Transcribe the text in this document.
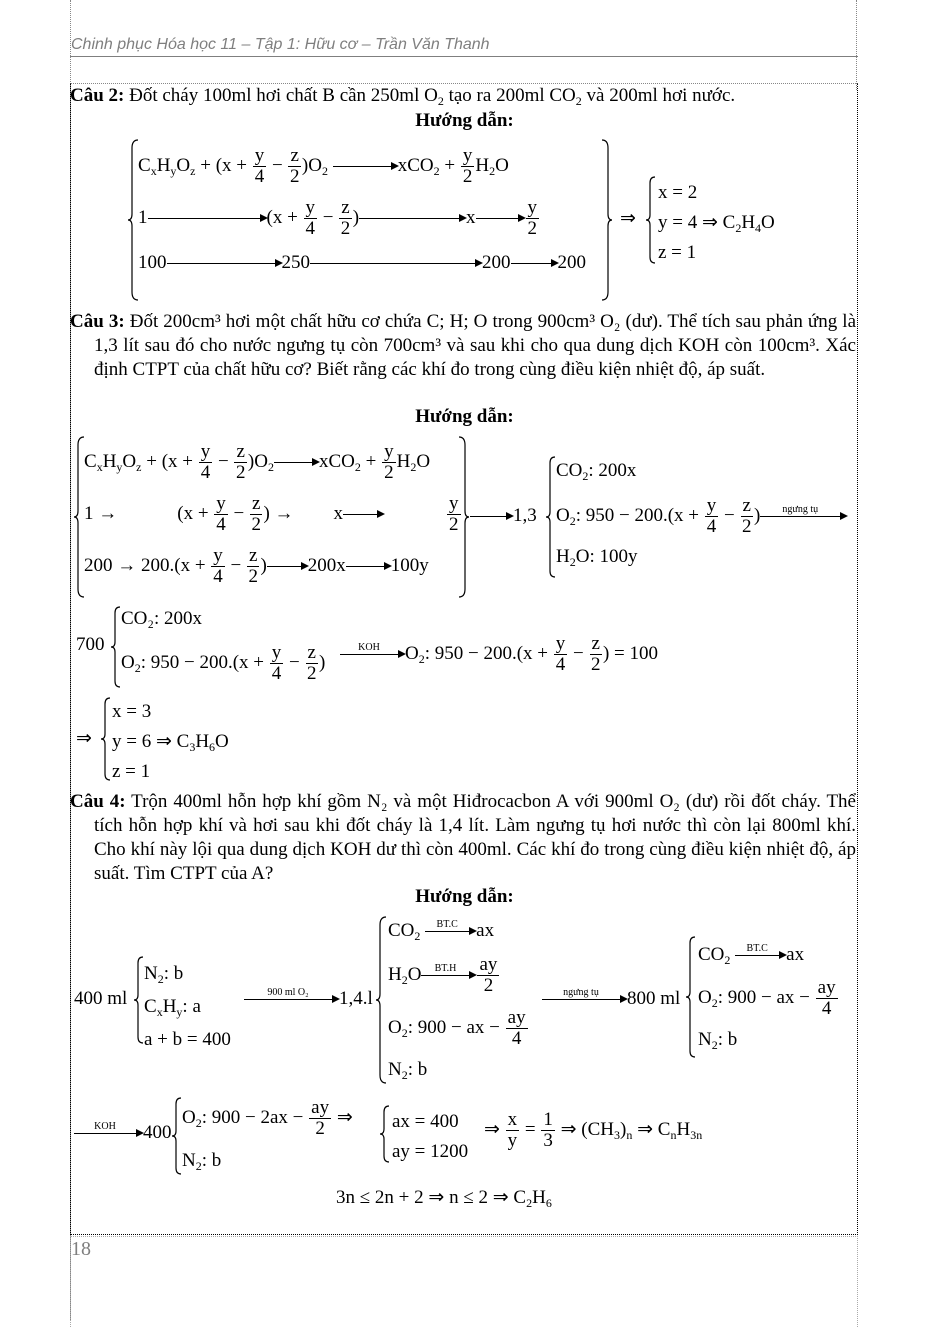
Chinh phục Hóa học 11 – Tập 1: Hữu cơ – Trần Văn Thanh
18

Câu 2: Đốt cháy 100ml hơi chất B cần 250ml $O_2$ tạo ra 200ml $CO_2$ và 200ml hơi nước.

Hướng dẫn:
$C_xH_yO_z + (x + \frac{y}{4} - \frac{z}{2} )O_2$	$xCO_2 + \frac{y}{2} H_2O$
1	($x + \frac{y}{4} - \frac{z}{2}$ )	x	$\frac{y}{2}$
100	250	200 200
⇒
x = 2
y = 4 ⇒ $C_2H_4O$
z = 1

Câu 3: Đốt 200cm³ hơi một chất hữu cơ chứa C; H; O trong 900cm³ O₂ (dư). Thể tích sau phản ứng là 1,3 lít sau đó cho nước ngưng tụ còn 700cm³ và sau khi cho qua dung dịch KOH còn 100cm³. Xác định CTPT của chất hữu cơ? Biết rằng các khí đo trong cùng điều kiện nhiệt độ, áp suất.

Hướng dẫn:
$C_xH_yO_z + (x + \frac{y}{4} - \frac{z}{2} )O_2$ $xCO_2 + \frac{y}{2} H_2O$
1 →	($x + \frac{y}{4} - \frac{z}{2}$ ) → x	$\frac{y}{2}$
$200 \to 200.(x + \frac{y}{4} - \frac{z}{2}$ ) 200x 100y
1,3
$CO_2$: 200x
$O_2$: $950 - 200.(x + \frac{y}{4} - \frac{z}{2}$ )	ngưng tụ
$H_2O$: 100y
700
CO₂: 200x
$O_2$: $950 - 200.(x + \frac{y}{4} - \frac{z}{2}$ )
KOH	$O_2$: $950 - 200.(x + \frac{y}{4} - \frac{z}{2}$ ) = 100
⇒
x = 3
y = 6 ⇒ $C_3H_6O$
z = 1

Câu 4: Trộn 400ml hỗn hợp khí gồm N₂ và một Hiđrocacbon A với 900ml O₂ (dư) rồi đốt cháy. Thể tích hỗn hợp khí và hơi sau khi đốt cháy là 1,4 lít. Làm ngưng tụ hơi nước thì còn lại 800ml khí. Cho khí này lội qua dung dịch KOH dư thì còn 400ml. Các khí đo trong cùng điều kiện nhiệt độ, áp suất. Tìm CTPT của A?

Hướng dẫn:
400 ml
$N_2$: b
$C_xH_y$: a
a + b = 400
900 ml O₂	1,4.l
$CO_2$
BT.C ax
$H_2O$	BT.H	$\frac{ay}{2}$
$O_2$: 900 − ax − $\frac{ay}{4}$
$N_2$: b
ngưng tụ	800 ml
$CO_2$
BT.C ax
$O_2$: 900 − ax − $\frac{ay}{4}$
$N_2$: b
KOH	400
$O_2$: $900 - 2ax - \frac{ay}{2}$ ⇒
$N_2$: b
ax = 400
ay = 1200
⇒ $\frac{x}{y} = \frac{1}{3}$ ⇒ $(CH_3)_n$ ⇒ $C_nH_{3n}$
3n ≤ 2n + 2 ⇒ n ≤ 2 ⇒ $C_2H_6$
